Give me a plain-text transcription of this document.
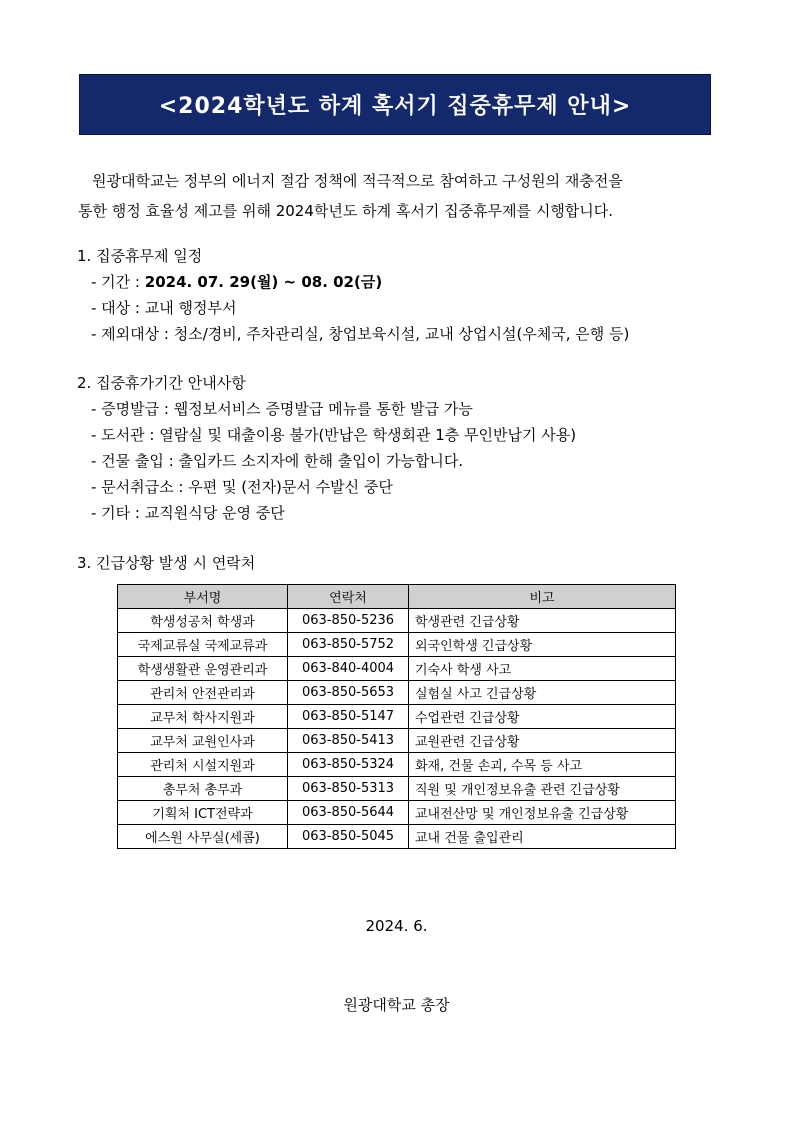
<2024학년도 하계 혹서기 집중휴무제 안내>
원광대학교는 정부의 에너지 절감 정책에 적극적으로 참여하고 구성원의 재충전을
통한 행정 효율성 제고를 위해 2024학년도 하계 혹서기 집중휴무제를 시행합니다.
1. 집중휴무제 일정
- 기간 : 2024. 07. 29(월) ~ 08. 02(금)
- 대상 : 교내 행정부서
- 제외대상 : 청소/경비, 주차관리실, 창업보육시설, 교내 상업시설(우체국, 은행 등)
2. 집중휴가기간 안내사항
- 증명발급 : 웹정보서비스 증명발급 메뉴를 통한 발급 가능
- 도서관 : 열람실 및 대출이용 불가(반납은 학생회관 1층 무인반납기 사용)
- 건물 출입 : 출입카드 소지자에 한해 출입이 가능합니다.
- 문서취급소 : 우편 및 (전자)문서 수발신 중단
- 기타 : 교직원식당 운영 중단
3. 긴급상황 발생 시 연락처
부서명	연락처	비고
학생성공처 학생과	063-850-5236	학생관련 긴급상황
국제교류실 국제교류과	063-850-5752	외국인학생 긴급상황
학생생활관 운영관리과	063-840-4004	기숙사 학생 사고
관리처 안전관리과	063-850-5653	실험실 사고 긴급상황
교무처 학사지원과	063-850-5147	수업관련 긴급상황
교무처 교원인사과	063-850-5413	교원관련 긴급상황
관리처 시설지원과	063-850-5324	화재, 건물 손괴, 수목 등 사고
총무처 총무과	063-850-5313	직원 및 개인정보유출 관련 긴급상황
기획처 ICT전략과	063-850-5644	교내전산망 및 개인정보유출 긴급상황
에스원 사무실(세콤)	063-850-5045	교내 건물 출입관리
2024. 6.
원광대학교 총장
